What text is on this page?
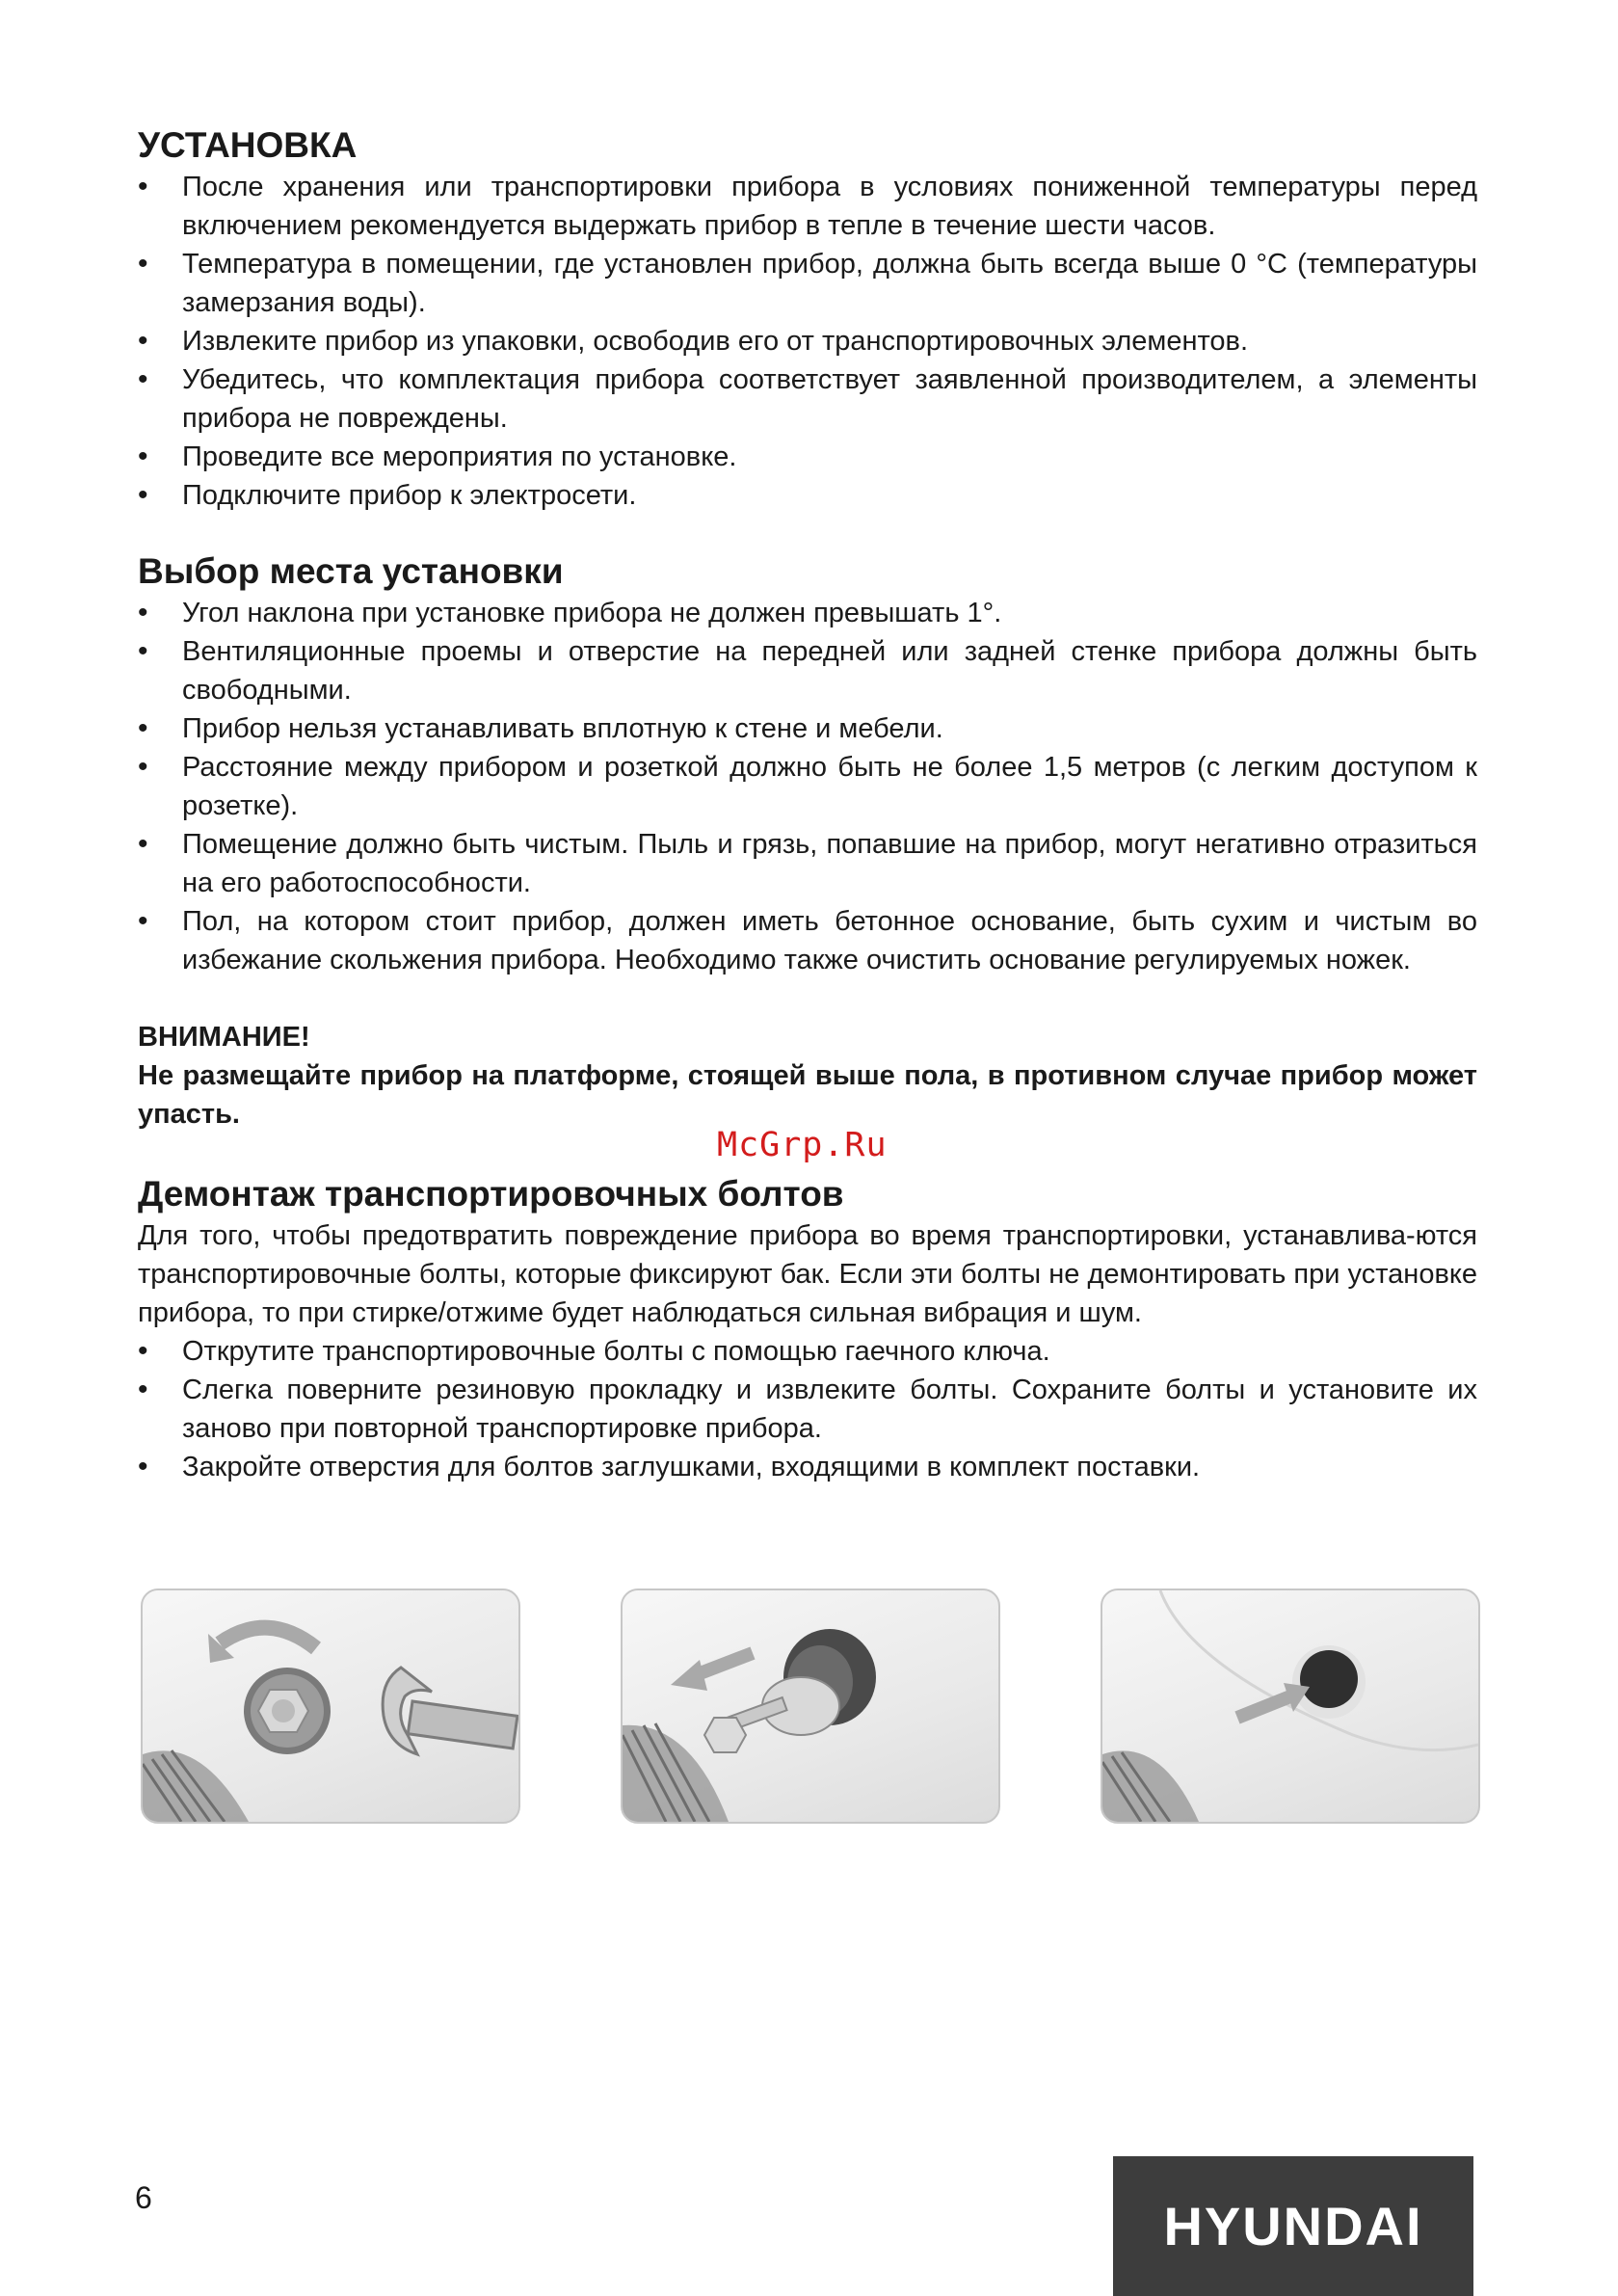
УСТАНОВКА
• После хранения или транспортировки прибора в условиях пониженной температуры перед включением рекомендуется выдержать прибор в тепле в течение шести часов.
• Температура в помещении, где установлен прибор, должна быть всегда выше 0 °С (температуры замерзания воды).
• Извлеките прибор из упаковки, освободив его от транспортировочных элементов.
• Убедитесь, что комплектация прибора соответствует заявленной производителем, а элементы прибора не повреждены.
• Проведите все мероприятия по установке.
• Подключите прибор к электросети.
Выбор места установки
• Угол наклона при установке прибора не должен превышать 1°.
• Вентиляционные проемы и отверстие на передней или задней стенке прибора должны быть свободными.
• Прибор нельзя устанавливать вплотную к стене и мебели.
• Расстояние между прибором и розеткой должно быть не более 1,5 метров (с легким доступом к розетке).
• Помещение должно быть чистым. Пыль и грязь, попавшие на прибор, могут негативно отразиться на его работоспособности.
• Пол, на котором стоит прибор, должен иметь бетонное основание, быть сухим и чистым во избежание скольжения прибора. Необходимо также очистить основание регулируемых ножек.
ВНИМАНИЕ!

Не размещайте прибор на платформе, стоящей выше пола, в противном случае прибор может упасть.

Демонтаж транспортировочных болтов

Для того, чтобы предотвратить повреждение прибора во время транспортировки, устанавлива-ются транспортировочные болты, которые фиксируют бак. Если эти болты не демонтировать при установке прибора, то при стирке/отжиме будет наблюдаться сильная вибрация и шум.

• Открутите транспортировочные болты с помощью гаечного ключа.
• Слегка поверните резиновую прокладку и извлеките болты. Сохраните болты и установите их заново при повторной транспортировке прибора.
• Закройте отверстия для болтов заглушками, входящими в комплект поставки.
McGrp.Ru
6	HYUNDAI
